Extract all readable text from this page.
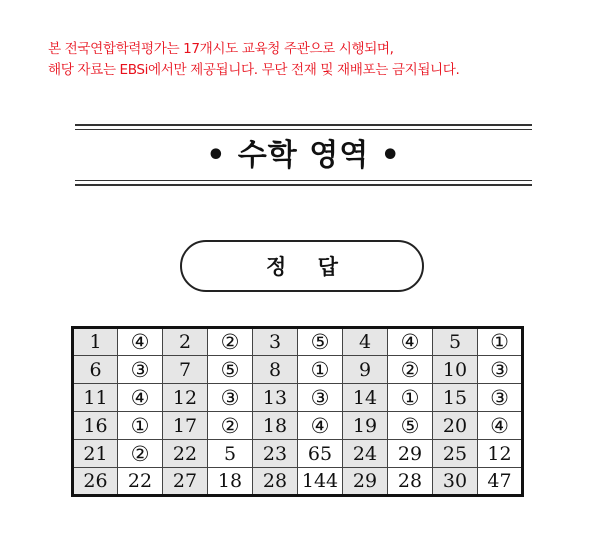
본 전국연합학력평가는 17개시도 교육청 주관으로 시행되며,
해당 자료는 EBSi에서만 제공됩니다. 무단 전재 및 재배포는 금지됩니다.
• 수학 영역 •
정 답
1	④	2	②	3	⑤	4	④	5	①
6	③	7	⑤	8	①	9	②	10	③
11	④	12	③	13	③	14	①	15	③
16	①	17	②	18	④	19	⑤	20	④
21	②	22	5	23	65	24	29	25	12
26	22	27	18	28	144	29	28	30	47
